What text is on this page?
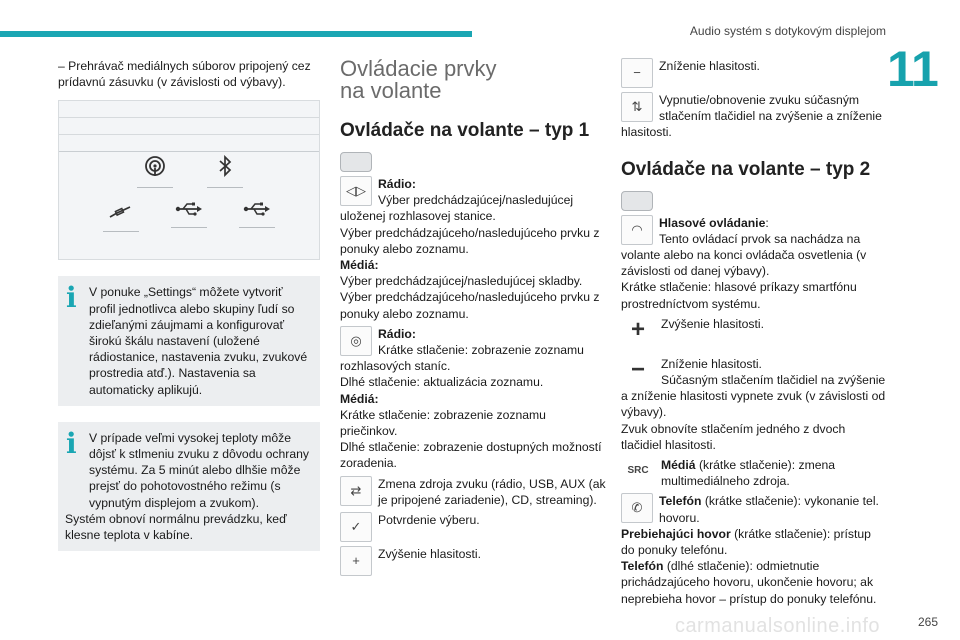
Audio systém s dotykovým displejom
11

– Prehrávač mediálnych súborov pripojený cez prídavnú zásuvku (v závislosti od výbavy).

i	V ponuke „Settings“ môžete vytvoriť profil jednotlivca alebo skupiny ľudí so zdieľanými záujmami a konfigurovať širokú škálu nastavení (uložené rádiostanice, nastavenia zvuku, zvukové prostredia atď.). Nastavenia sa automaticky aplikujú.

i	V prípade veľmi vysokej teploty môže dôjsť k stlmeniu zvuku z dôvodu ochrany systému. Za 5 minút alebo dlhšie môže prejsť do pohotovostného režimu (s vypnutým displejom a zvukom).

Systém obnoví normálnu prevádzku, keď klesne teplota v kabíne.

Ovládacie prvky
na volante
Ovládače na volante – typ 1
◁▷ Rádio:
Výber predchádzajúcej/nasledujúcej uloženej rozhlasovej stanice.
Výber predchádzajúceho/nasledujúceho prvku z ponuky alebo zoznamu.
Médiá:
Výber predchádzajúcej/nasledujúcej skladby.
Výber predchádzajúceho/nasledujúceho prvku z ponuky alebo zoznamu.
◎	Rádio:
Krátke stlačenie: zobrazenie zoznamu rozhlasových staníc.
Dlhé stlačenie: aktualizácia zoznamu.
Médiá:
Krátke stlačenie: zobrazenie zoznamu priečinkov.
Dlhé stlačenie: zobrazenie dostupných možností zoradenia.
⇄	Zmena zdroja zvuku (rádio, USB, AUX (ak je pripojené zariadenie), CD, streaming).
✓	Potvrdenie výberu.
+	Zvýšenie hlasitosti.
−	Zníženie hlasitosti.
⇅	Vypnutie/obnovenie zvuku súčasným stlačením tlačidiel na zvýšenie a zníženie hlasitosti.
Ovládače na volante – typ 2
◠	Hlasové ovládanie:
Tento ovládací prvok sa nachádza na volante alebo na konci ovládača osvetlenia (v závislosti od danej výbavy).
Krátke stlačenie: hlasové príkazy smartfónu prostredníctvom systému.
+	Zvýšenie hlasitosti.
−	Zníženie hlasitosti.
Súčasným stlačením tlačidiel na zvýšenie a zníženie hlasitosti vypnete zvuk (v závislosti od výbavy).
Zvuk obnovíte stlačením jedného z dvoch tlačidiel hlasitosti.
SRC	Médiá (krátke stlačenie): zmena multimediálneho zdroja.
✆	Telefón (krátke stlačenie): vykonanie tel. hovoru.

Prebiehajúci hovor (krátke stlačenie): prístup do ponuky telefónu.

Telefón (dlhé stlačenie): odmietnutie prichádzajúceho hovoru, ukončenie hovoru; ak neprebieha hovor – prístup do ponuky telefónu.

carmanualsonline.info	265
